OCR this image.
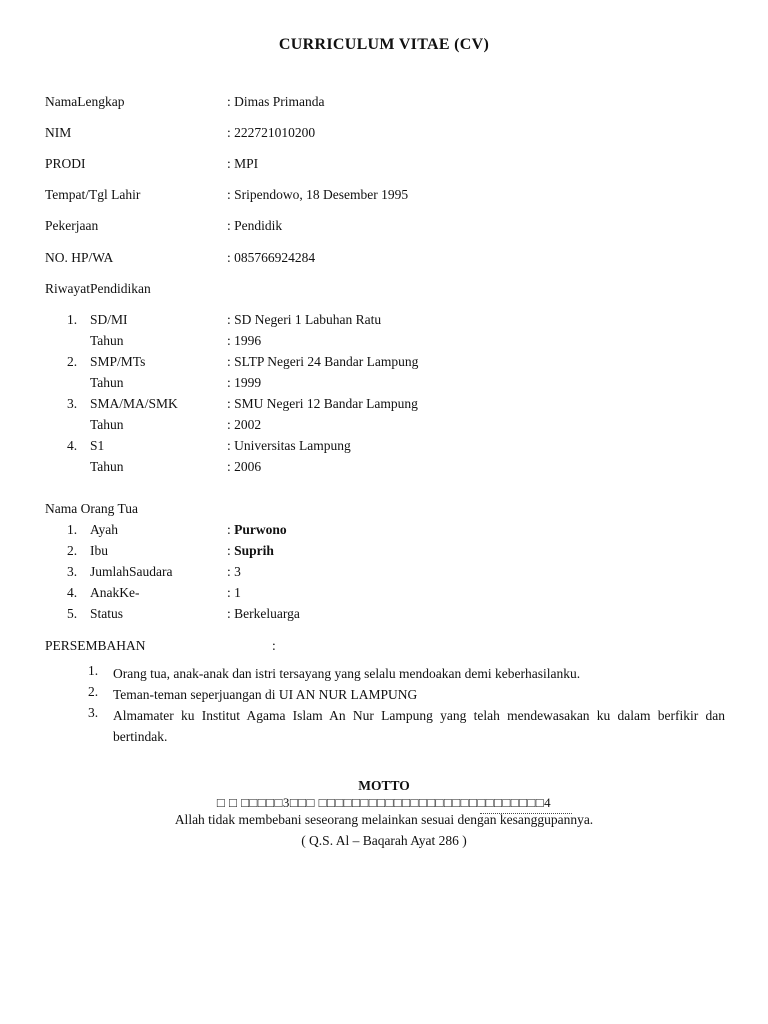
CURRICULUM VITAE (CV)
NamaLengkap	: Dimas Primanda
NIM	: 222721010200
PRODI	: MPI
Tempat/Tgl Lahir	: Sripendowo, 18 Desember 1995
Pekerjaan	: Pendidik
NO. HP/WA	: 085766924284
RiwayatPendidikan
1. SD/MI	: SD Negeri 1 Labuhan Ratu
Tahun	: 1996
2. SMP/MTs	: SLTP Negeri 24 Bandar Lampung
Tahun	: 1999
3. SMA/MA/SMK	: SMU Negeri 12 Bandar Lampung
Tahun	: 2002
4. S1	: Universitas Lampung
Tahun	: 2006
Nama Orang Tua
1. Ayah	: Purwono
2. Ibu	: Suprih
3. JumlahSaudara	: 3
4. AnakKe-	: 1
5. Status	: Berkeluarga
PERSEMBAHAN	:
1. Orang tua, anak-anak dan istri tersayang yang selalu mendoakan demi keberhasilanku.
2. Teman-teman seperjuangan di UI AN NUR LAMPUNG
3. Almamater ku Institut Agama Islam An Nur Lampung yang telah mendewasakan ku dalam berfikir dan bertindak.
MOTTO
□ □ □□□□□3□□□ □□□□□□□□□□□□□□□□□□□□□□□□□□□4
Allah tidak membebani seseorang melainkan sesuai dengan kesanggupannya.
( Q.S. Al – Baqarah Ayat 286 )
